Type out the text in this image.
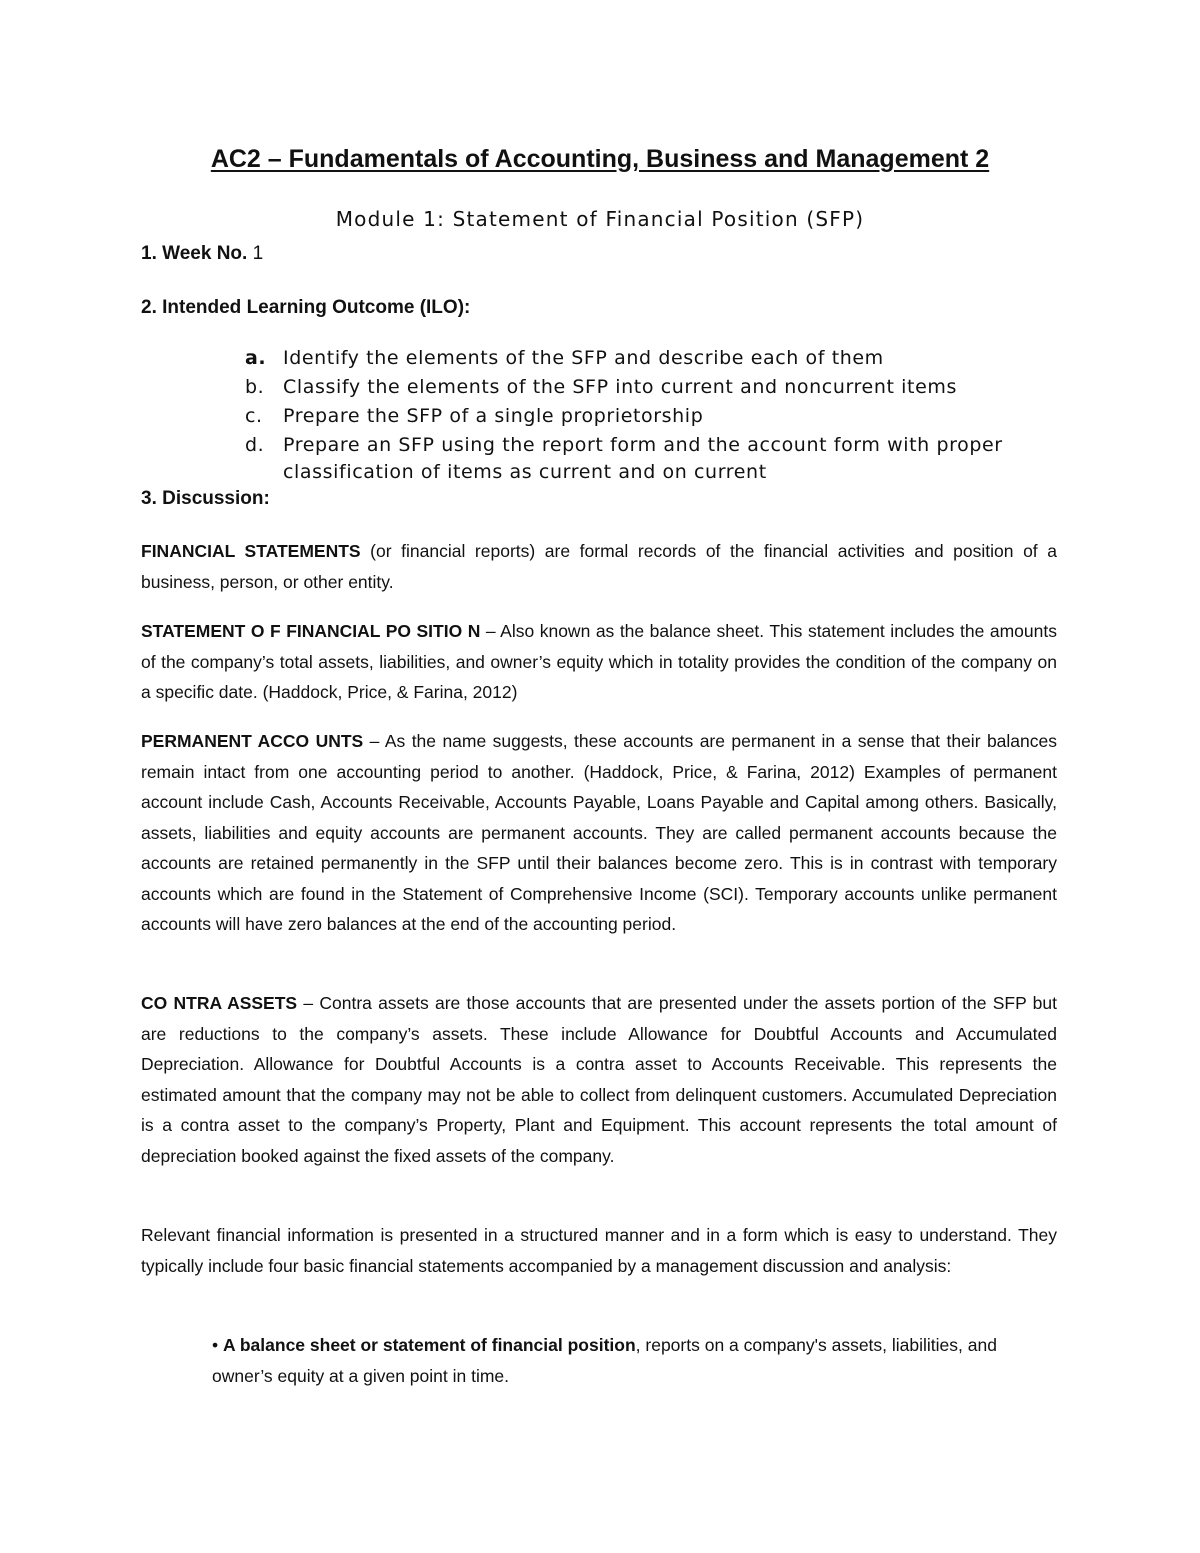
AC2 – Fundamentals of Accounting, Business and Management 2
Module 1: Statement of Financial Position (SFP)
1. Week No. 1
2. Intended Learning Outcome (ILO):
a. Identify the elements of the SFP and describe each of them
b. Classify the elements of the SFP into current and noncurrent items
c. Prepare the SFP of a single proprietorship
d. Prepare an SFP using the report form and the account form with proper classification of items as current and on current
3. Discussion:

FINANCIAL STATEMENTS (or financial reports) are formal records of the financial activities and position of a business, person, or other entity.

STATEMENT O F FINANCIAL PO SITIO N – Also known as the balance sheet. This statement includes the amounts of the company’s total assets, liabilities, and owner’s equity which in totality provides the condition of the company on a specific date. (Haddock, Price, & Farina, 2012)

PERMANENT ACCO UNTS – As the name suggests, these accounts are permanent in a sense that their balances remain intact from one accounting period to another. (Haddock, Price, & Farina, 2012) Examples of permanent account include Cash, Accounts Receivable, Accounts Payable, Loans Payable and Capital among others. Basically, assets, liabilities and equity accounts are permanent accounts. They are called permanent accounts because the accounts are retained permanently in the SFP until their balances become zero. This is in contrast with temporary accounts which are found in the Statement of Comprehensive Income (SCI). Temporary accounts unlike permanent accounts will have zero balances at the end of the accounting period.

CO NTRA ASSETS – Contra assets are those accounts that are presented under the assets portion of the SFP but are reductions to the company’s assets. These include Allowance for Doubtful Accounts and Accumulated Depreciation. Allowance for Doubtful Accounts is a contra asset to Accounts Receivable. This represents the estimated amount that the company may not be able to collect from delinquent customers. Accumulated Depreciation is a contra asset to the company’s Property, Plant and Equipment. This account represents the total amount of depreciation booked against the fixed assets of the company.

Relevant financial information is presented in a structured manner and in a form which is easy to understand. They typically include four basic financial statements accompanied by a management discussion and analysis:

• A balance sheet or statement of financial position, reports on a company's assets, liabilities, and owner’s equity at a given point in time.
